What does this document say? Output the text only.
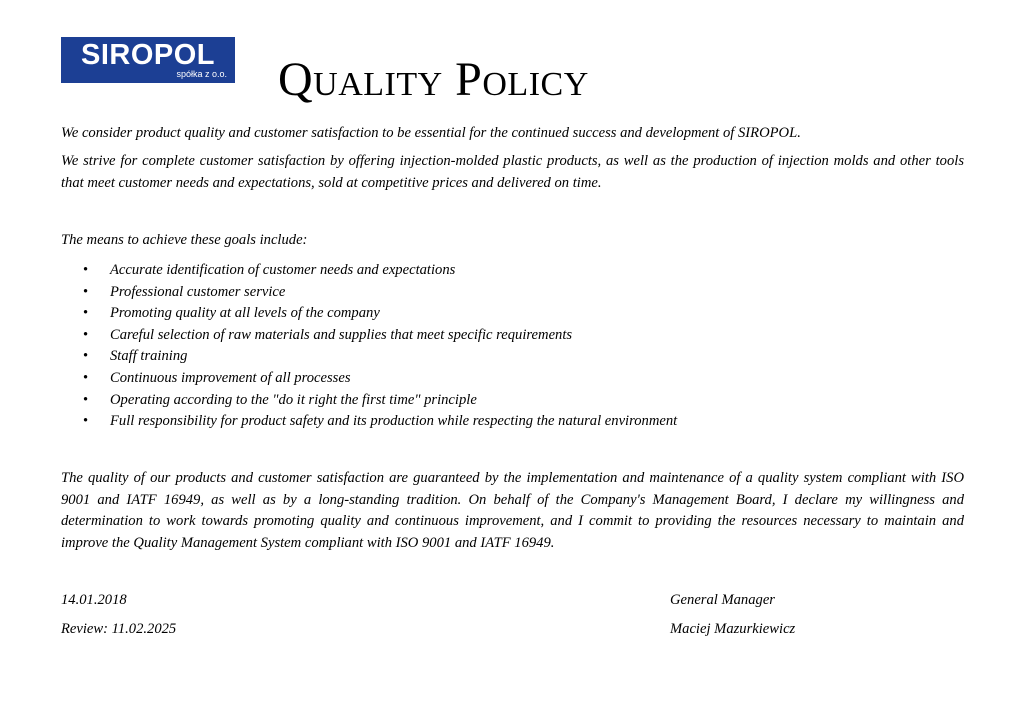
SIROPOL
spółka z o.o. Quality Policy

We consider product quality and customer satisfaction to be essential for the continued success and development of SIROPOL.

We strive for complete customer satisfaction by offering injection-molded plastic products, as well as the production of injection molds and other tools that meet customer needs and expectations, sold at competitive prices and delivered on time.

The means to achieve these goals include:

• Accurate identification of customer needs and expectations
• Professional customer service
• Promoting quality at all levels of the company
• Careful selection of raw materials and supplies that meet specific requirements
• Staff training
• Continuous improvement of all processes
• Operating according to the "do it right the first time" principle
• Full responsibility for product safety and its production while respecting the natural environment

The quality of our products and customer satisfaction are guaranteed by the implementation and maintenance of a quality system compliant with ISO 9001 and IATF 16949, as well as by a long-standing tradition. On behalf of the Company's Management Board, I declare my willingness and determination to work towards promoting quality and continuous improvement, and I commit to providing the resources necessary to maintain and improve the Quality Management System compliant with ISO 9001 and IATF 16949.

14.01.2018
Review: 11.02.2025
General Manager
Maciej Mazurkiewicz
